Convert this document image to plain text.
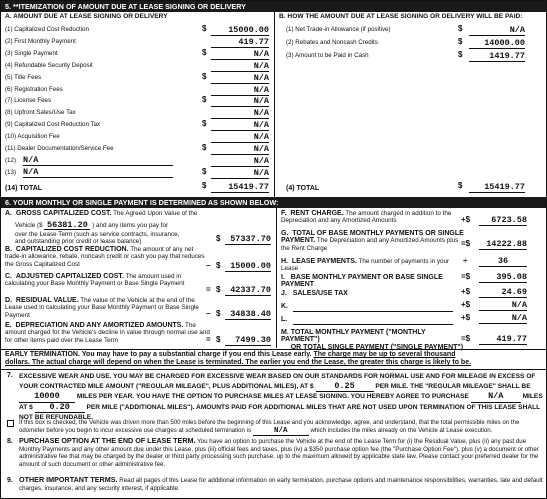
5. **ITEMIZATION OF AMOUNT DUE AT LEASE SIGNING OR DELIVERY
A. AMOUNT DUE AT LEASE SIGNING OR DELIVERY	B. HOW THE AMOUNT DUE AT LEASE SIGNING OR DELIVERY WILL BE PAID:
(1) Capitalized Cost Reduction	$	15000.00
(2) First Monthly Payment	419.77
(3) Single Payment	$	N/A
(4) Refundable Security Deposit	N/A
(5) Title Fees	$	N/A
(6) Registration Fees	N/A
(7) License Fees	$	N/A
(8) Upfront Sales/Use Tax	N/A
(9) Capitalized Cost Reduction Tax	$	N/A
(10) Acquisition Fee	N/A
(11) Dealer Documentation/Service Fee	$	N/A
(12) N/A	N/A
(13) N/A	$	N/A
(1) Net Trade-in Allowance (if positive)	$	N/A
(2) Rebates and Noncash Credits	$	14000.00
(3) Amount to be Paid in Cash	$	1419.77
(14) TOTAL	$	15419.77 (4) TOTAL	$	15419.77
6. YOUR MONTHLY OR SINGLE PAYMENT IS DETERMINED AS SHOWN BELOW:
A.  GROSS CAPITALIZED COST. The Agreed Upon Value of the
Vehicle ($ 56381.20 ) and any items you pay for
over the Lease Term (such as service contracts, insurance,
and outstanding prior credit or lease balance)	$	57337.70
B.  CAPITALIZED COST REDUCTION. The amount of any net trade-in allowance, rebate, noncash credit or cash you pay that reduces the Gross Capitalized Cost	– $	15000.00
C.  ADJUSTED CAPITALIZED COST. The amount used in calculating your Base Monthly Payment or Base Single Payment
= $	42337.70
D.  RESIDUAL VALUE. The value of the Vehicle at the end of the Lease used in calculating your Base Monthly Payment or Base Single Payment	– $	34838.40
E.  DEPRECIATION AND ANY AMORTIZED AMOUNTS. The amount charged for the Vehicle's decline in value through normal use and for other items paid over the Lease Term	= $	7499.30
F.  RENT CHARGE. The amount charged in addition to the Depreciation and any Amortized Amounts	+$	6723.58
G.  TOTAL OF BASE MONTHLY PAYMENTS OR SINGLE PAYMENT. The Depreciation and any Amortized Amounts plus the Rent Charge
=$	14222.88
H.  LEASE PAYMENTS. The number of payments in your Lease
÷	36
I.   BASE MONTHLY PAYMENT OR BASE SINGLE PAYMENT
=$	395.08
J.   SALES/USE TAX	+$	24.69
K.	+$	N/A
L.	+$	N/A
M. TOTAL MONTHLY PAYMENT ("MONTHLY PAYMENT")
OR TOTAL SINGLE PAYMENT ("SINGLE PAYMENT")
=$	419.77
EARLY TERMINATION. You may have to pay a substantial charge if you end this Lease early. The charge may be up to several thousand
dollars. The actual charge will depend on when the Lease is terminated. The earlier you end the Lease, the greater this charge is likely to be.
7. EXCESSIVE WEAR AND USE. YOU MAY BE CHARGED FOR EXCESSIVE WEAR BASED ON OUR STANDARDS FOR NORMAL USE AND FOR MILEAGE IN EXCESS OF
YOUR CONTRACTED MILE AMOUNT ("REGULAR MILEAGE", PLUS ADDITIONAL MILES), AT $ 0.25	PER MILE. THE "REGULAR MILEAGE" SHALL BE
10000	MILES PER YEAR. YOU HAVE THE OPTION TO PURCHASE MILES AT LEASE SIGNING. YOU HEREBY AGREE TO PURCHASE N/A	MILES
AT $ 0.20	PER MILE ("ADDITIONAL MILES"). AMOUNTS PAID FOR ADDITIONAL MILES THAT ARE NOT USED UPON TERMINATION OF THIS LEASE SHALL
NOT BE REFUNDABLE.
If this box is checked, the Vehicle was driven more than 500 miles before the beginning of this Lease and you acknowledge, agree, and understand, that the total permissible miles on the
odometer before you begin to incur excessive use charges at scheduled termination is	N/A	which includes the miles already on the Vehicle at Lease execution.
8. PURCHASE OPTION AT THE END OF LEASE TERM. You have an option to purchase the Vehicle at the end of the Lease Term for (i) the Residual Value, plus (ii) any past due Monthly Payments and any other amount due under this Lease, plus (iii) official fees and taxes, plus (iv) a $350 purchase option fee (the "Purchase Option Fee"), plus (v) a document or other administrative fee that may be charged by the dealer or third party processing such purchase, up to the maximum allowed by applicable state law. Please contact your preferred dealer for the amount of such document or other administrative fee.
9. OTHER IMPORTANT TERMS. Read all pages of this Lease for additional information on early termination, purchase options and maintenance responsibilities, warranties, late and default charges, insurance, and any security interest, if applicable.
